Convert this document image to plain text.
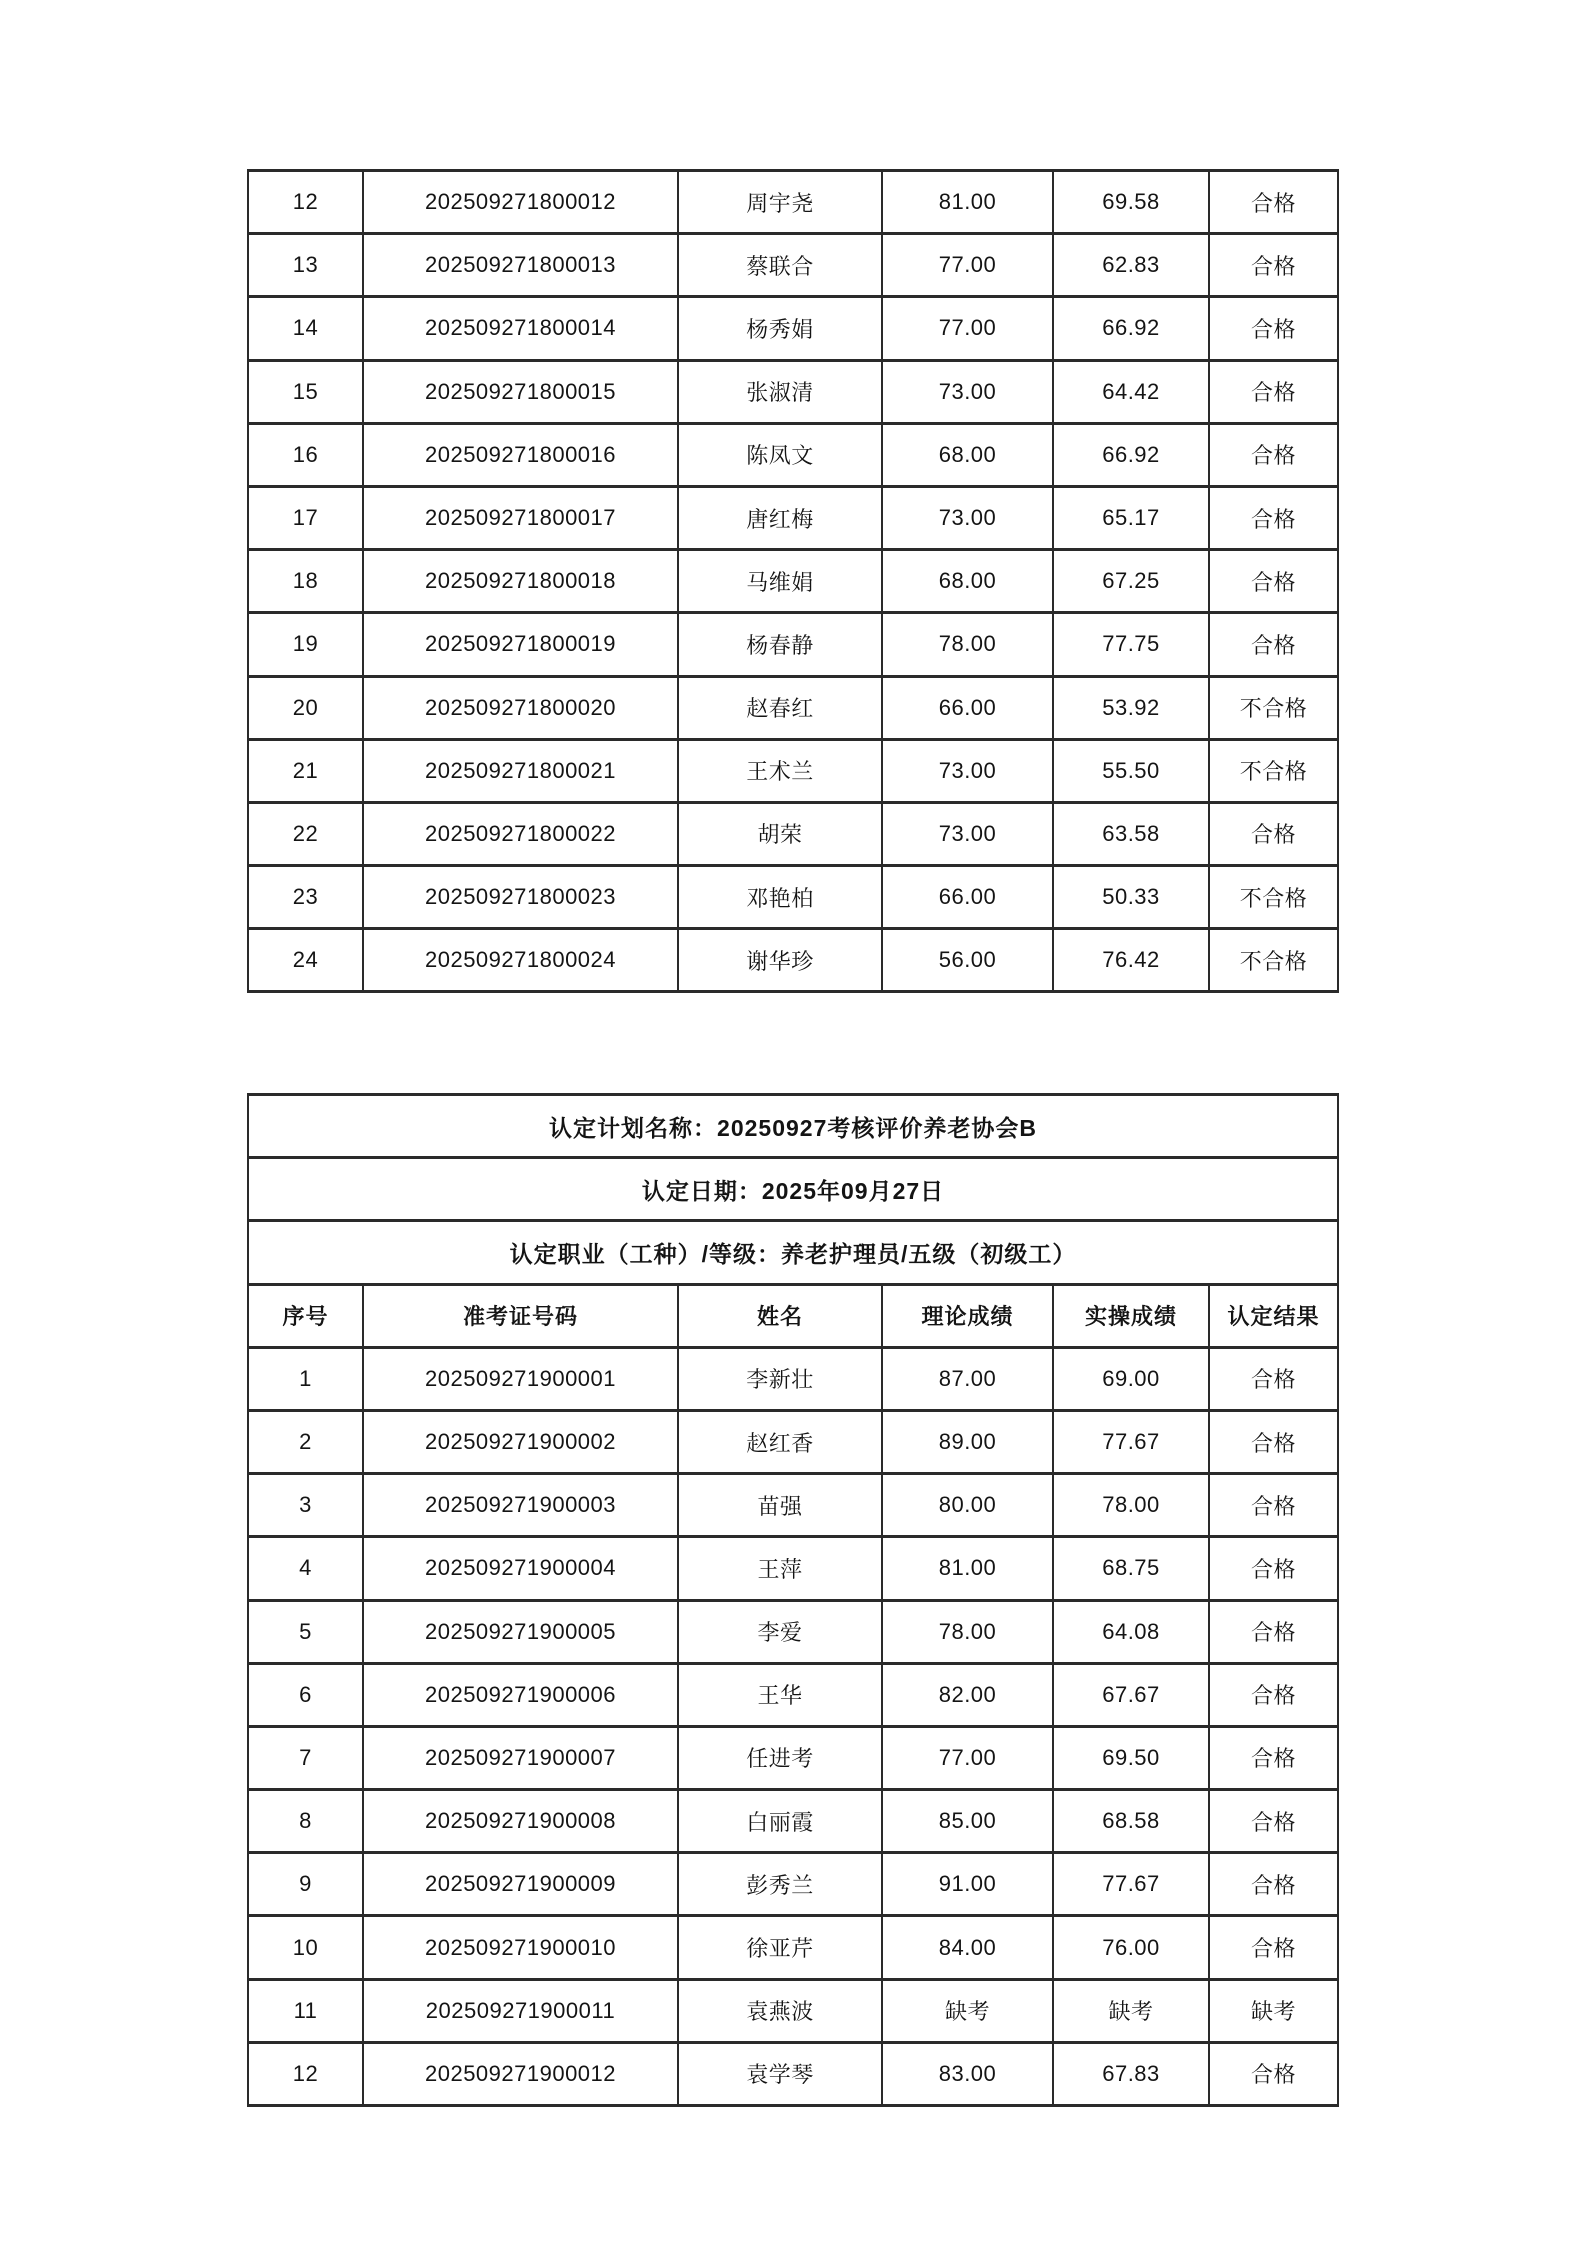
12	202509271800012	周宇尧	81.00	69.58	合格
13	202509271800013	蔡联合	77.00	62.83	合格
14	202509271800014	杨秀娟	77.00	66.92	合格
15	202509271800015	张淑清	73.00	64.42	合格
16	202509271800016	陈凤文	68.00	66.92	合格
17	202509271800017	唐红梅	73.00	65.17	合格
18	202509271800018	马维娟	68.00	67.25	合格
19	202509271800019	杨春静	78.00	77.75	合格
20	202509271800020	赵春红	66.00	53.92	不合格
21	202509271800021	王术兰	73.00	55.50	不合格
22	202509271800022	胡荣	73.00	63.58	合格
23	202509271800023	邓艳柏	66.00	50.33	不合格
24	202509271800024	谢华珍	56.00	76.42	不合格
认定计划名称：20250927考核评价养老协会B					
认定日期：2025年09月27日					
认定职业（工种）/等级：养老护理员/五级（初级工）					
序号	准考证号码	姓名	理论成绩	实操成绩	认定结果
1	202509271900001	李新壮	87.00	69.00	合格
2	202509271900002	赵红香	89.00	77.67	合格
3	202509271900003	苗强	80.00	78.00	合格
4	202509271900004	王萍	81.00	68.75	合格
5	202509271900005	李爱	78.00	64.08	合格
6	202509271900006	王华	82.00	67.67	合格
7	202509271900007	任进考	77.00	69.50	合格
8	202509271900008	白丽霞	85.00	68.58	合格
9	202509271900009	彭秀兰	91.00	77.67	合格
10	202509271900010	徐亚芹	84.00	76.00	合格
11	202509271900011	袁燕波	缺考	缺考	缺考
12	202509271900012	袁学琴	83.00	67.83	合格
